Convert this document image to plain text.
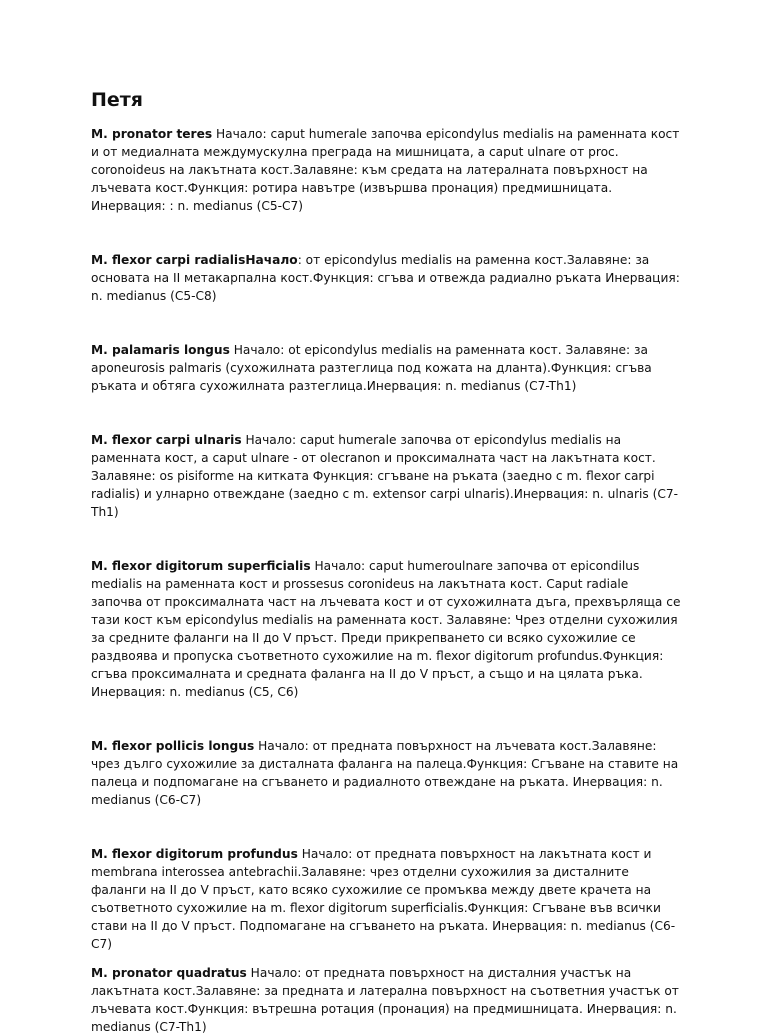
Петя

M. pronator teres Начало: caput humerale започва epicondylus medialis на раменната кост и от медиалната междумускулна преграда на мишницата, а caput ulnare от proc. coronoideus на лакътната кост.Залавяне: към средата на латералната повърхност на лъчевата кост.Функция: ротира навътре (извършва пронация) предмишницата. Инервация: : n. medianus (C5-C7)

M. flexor carpi radialisНачало: от epicondylus medialis на раменна кост.Залавяне: за основата на II метакарпална кост.Функция: сгъва и отвежда радиално ръката Инервация: n. medianus (C5-C8)

M. palamaris longus Начало: ot epicondylus medialis на раменната кост. Залавяне: за aponeurosis palmaris (сухожилната разтеглица под кожата на дланта).Функция: сгъва ръката и обтяга сухожилната разтеглица.Инервация: n. medianus (C7-Th1)

M. flexor carpi ulnaris Начало: caput humerale започва от epicondylus medialis на раменната кост, а caput ulnare - от olecranon и проксималната част на лакътната кост. Залавяне: os pisiforme на китката Функция: сгъване на ръката (заедно с m. flexor carpi radialis) и улнарно отвеждане (заедно с m. extensor carpi ulnaris).Инервация: n. ulnaris (C7-Th1)

M. flexor digitorum superficialis Начало: caput humeroulnare започва от epicondilus medialis на раменната кост и prossesus coronideus на лакътната кост. Caput radiale започва от проксималната част на лъчевата кост и от сухожилната дъга, прехвърляща се тази кост към epicondylus medialis на раменната кост. Залавяне: Чрез отделни сухожилия за средните фаланги на II до V пръст. Преди прикрепването си всяко сухожилие се раздвоява и пропуска съответното сухожилие на m. flexor digitorum profundus.Функция: сгъва проксималната и средната фаланга на II до V пръст, а също и на цялата ръка. Инервация: n. medianus (C5, C6)

M. flexor pollicis longus Начало: от предната повърхност на лъчевата кост.Залавяне: чрез дълго сухожилие за дисталната фаланга на палеца.Функция: Сгъване на ставите на палеца и подпомагане на сгъването и радиалното отвеждане на ръката. Инервация: n. medianus (C6-C7)

M. flexor digitorum profundus Начало: от предната повърхност на лакътната кост и membrana interossea antebrachii.Залавяне: чрез отделни сухожилия за дисталните фаланги на II до V пръст, като всяко сухожилие се промъква между двете крачета на съответното сухожилие на m. flexor digitorum superficialis.Функция: Сгъване във всички стави на II до V пръст. Подпомагане на сгъването на ръката. Инервация: n. medianus (C6-C7)

M. pronator quadratus Начало: от предната повърхност на дисталния участък на лакътната кост.Залавяне: за предната и латерална повърхност на съответния участък от лъчевата кост.Функция: вътрешна ротация (пронация) на предмишницата. Инервация: n. medianus (C7-Th1)
